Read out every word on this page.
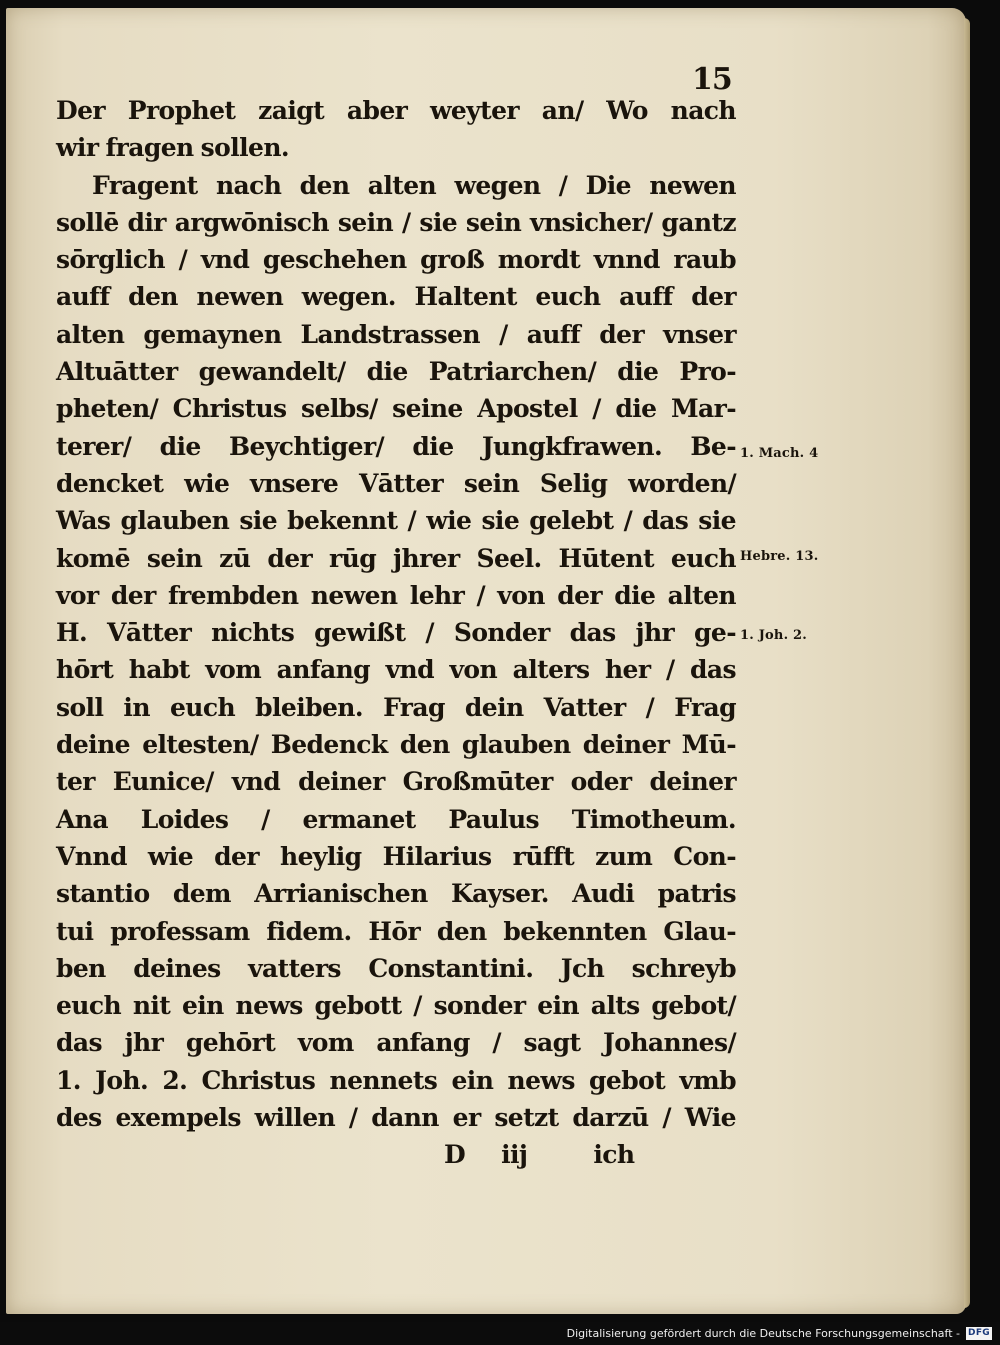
15
Der Prophet zaigt aber weyter an/ Wo nach
wir fragen sollen.
Fragent nach den alten wegen / Die newen
sollē dir argwōnisch sein / sie sein vnsicher/ gantz
sōrglich / vnd geschehen groß mordt vnnd raub
auff den newen wegen. Haltent euch auff der
alten gemaynen Landstrassen / auff der vnser
Altuātter gewandelt/ die Patriarchen/ die Pro-
pheten/ Christus selbs/ seine Apostel / die Mar-
terer/ die Beychtiger/ die Jungkfrawen. Be-
dencket wie vnsere Vātter sein Selig worden/
Was glauben sie bekennt / wie sie gelebt / das sie
komē sein zū der rūg jhrer Seel. Hūtent euch
vor der frembden newen lehr / von der die alten
H. Vātter nichts gewißt / Sonder das jhr ge-
hōrt habt vom anfang vnd von alters her / das
soll in euch bleiben. Frag dein Vatter / Frag
deine eltesten/ Bedenck den glauben deiner Mū-
ter Eunice/ vnd deiner Großmūter oder deiner
Ana Loides / ermanet Paulus Timotheum.
Vnnd wie der heylig Hilarius rūfft zum Con-
stantio dem Arrianischen Kayser. Audi patris
tui professam fidem. Hōr den bekennten Glau-
ben deines vatters Constantini. Jch schreyb
euch nit ein news gebott / sonder ein alts gebot/
das jhr gehōrt vom anfang / sagt Johannes/
1. Joh. 2. Christus nennets ein news gebot vmb
des exempels willen / dann er setzt darzū / Wie
D iij	ich
1. Mach. 4
Hebre. 13.
1. Joh. 2.
Digitalisierung gefördert durch die Deutsche Forschungsgemeinschaft - DFG
